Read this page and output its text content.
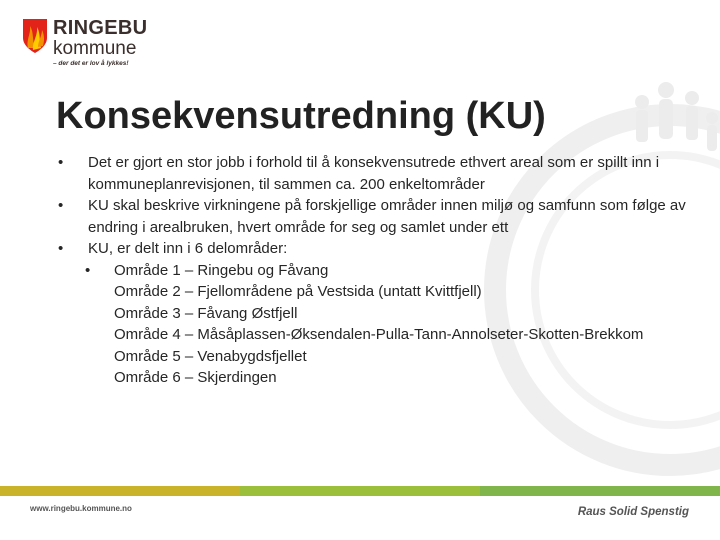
RINGEBU
kommune
– der det er lov å lykkes!
Konsekvensutredning (KU)
• Det er gjort en stor jobb i forhold til å konsekvensutrede ethvert areal som er spillt inn i kommuneplanrevisjonen, til sammen ca. 200 enkeltområder
• KU skal beskrive virkningene på forskjellige områder innen miljø og samfunn som følge av endring i arealbruken, hvert område for seg og samlet under ett
• KU, er delt inn i 6 delområder:
• Område 1 – Ringebu og Fåvang
Område 2 – Fjellområdene på Vestsida (untatt Kvittfjell)
Område 3 – Fåvang Østfjell
Område 4 – Måsåplassen-Øksendalen-Pulla-Tann-Annolseter-Skotten-Brekkom
Område 5 – Venabygdsfjellet
Område 6 – Skjerdingen
www.ringebu.kommune.no	Raus Solid Spenstig
